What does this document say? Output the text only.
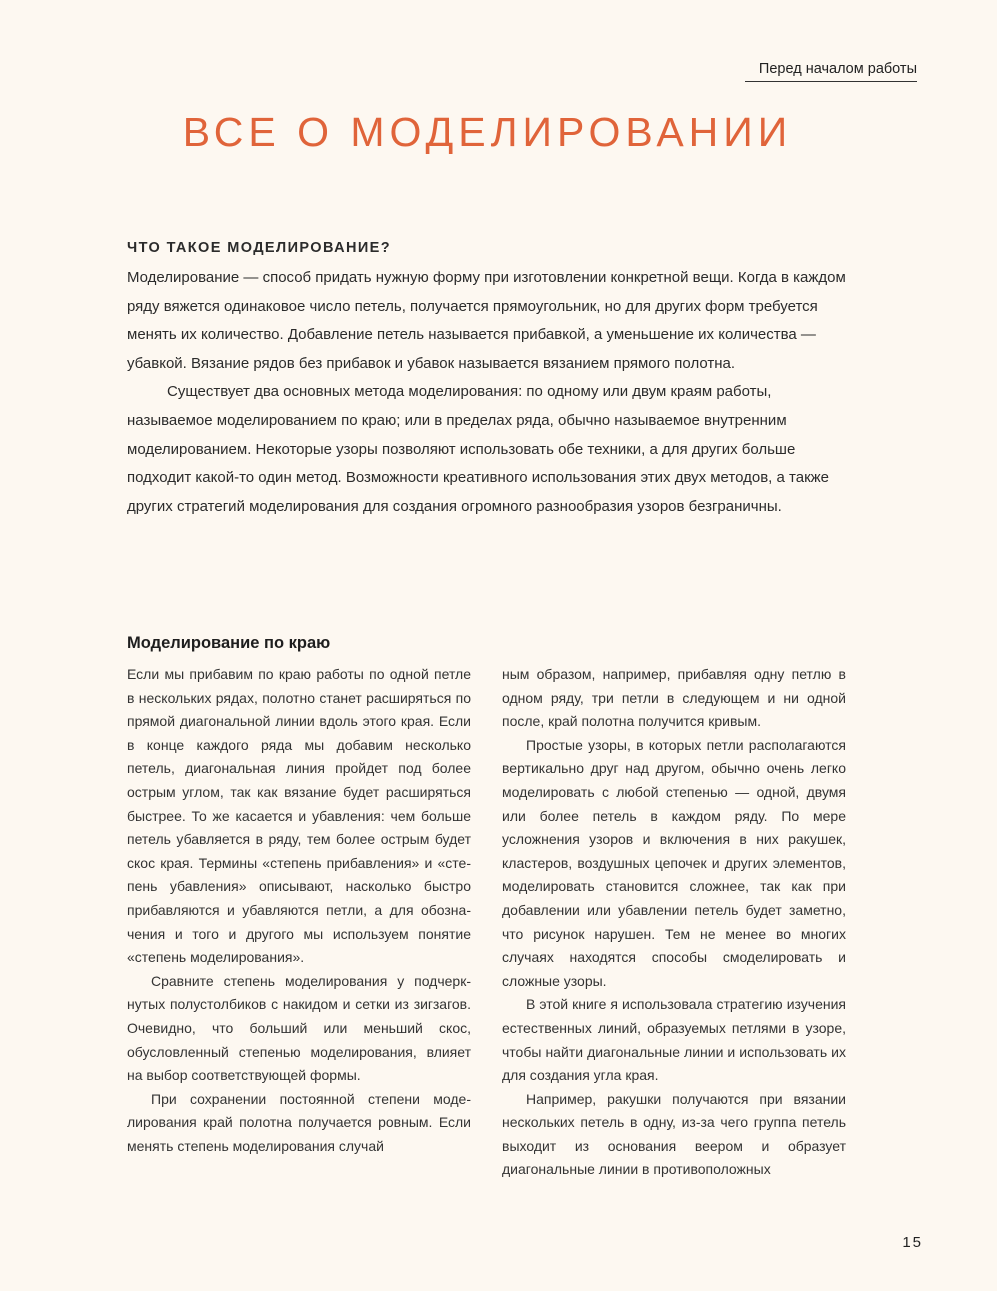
Перед началом работы
ВСЕ О МОДЕЛИРОВАНИИ
ЧТО ТАКОЕ МОДЕЛИРОВАНИЕ?

Моделирование — способ придать нужную форму при изготовлении конкретной вещи. Когда в каждом ряду вяжется одинаковое число петель, получается прямоугольник, но для других форм требуется менять их количество. Добавление петель называется прибавкой, а уменьшение их количества — убавкой. Вязание рядов без прибавок и убавок называется вязанием прямого полотна.

Существует два основных метода моделирования: по одному или двум краям работы, называемое моделированием по краю; или в пределах ряда, обычно называемое внутренним моделированием. Некоторые узоры позволяют использовать обе техники, а для других больше подходит какой-то один метод. Возможности креативного использования этих двух методов, а также других стратегий моделирования для создания огромного разнообразия узоров безграничны.

Моделирование по краю

Если мы прибавим по краю работы по одной петле в нескольких рядах, полотно станет расширяться по прямой диагональной линии вдоль этого края. Если в конце каждого ряда мы добавим несколько петель, диагональная линия пройдет под более острым углом, так как вязание будет расширяться быстрее. То же касается и убавления: чем больше петель убавляется в ряду, тем более острым будет скос края. Термины «степень прибавления» и «степень убавления» описывают, насколько быстро прибавляются и убавляются петли, а для обозначения и того и другого мы используем понятие «степень моделирования».

Сравните степень моделирования у подчеркнутых полустолбиков с накидом и сетки из зигзагов. Очевидно, что больший или меньший скос, обусловленный степенью моделирования, влияет на выбор соответствующей формы.

При сохранении постоянной степени моделирования край полотна получается ровным. Если менять степень моделирования случай

ным образом, например, прибавляя одну петлю в одном ряду, три петли в следующем и ни одной после, край полотна получится кривым.

Простые узоры, в которых петли располагаются вертикально друг над другом, обычно очень легко моделировать с любой степенью — одной, двумя или более петель в каждом ряду. По мере усложнения узоров и включения в них ракушек, кластеров, воздушных цепочек и других элементов, моделировать становится сложнее, так как при добавлении или убавлении петель будет заметно, что рисунок нарушен. Тем не менее во многих случаях находятся способы смоделировать и сложные узоры.

В этой книге я использовала стратегию изучения естественных линий, образуемых петлями в узоре, чтобы найти диагональные линии и использовать их для создания угла края.

Например, ракушки получаются при вязании нескольких петель в одну, из-за чего группа петель выходит из основания веером и образует диагональные линии в противоположных

15
